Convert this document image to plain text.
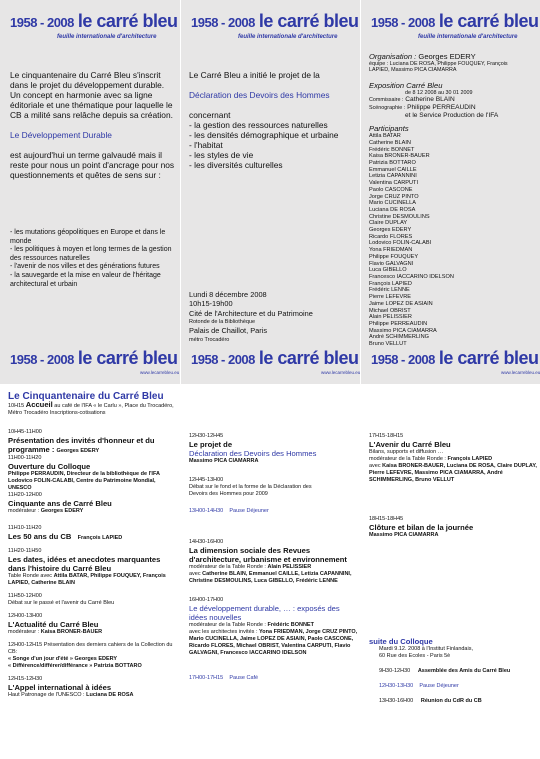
1958 - 2008 le carré bleu
feuille internationale d'architecture

Le cinquantenaire du Carré Bleu s'inscrit dans le projet du développement durable. Un concept en harmonie avec sa ligne éditoriale et une thématique pour laquelle le CB a milité sans relâche depuis sa création.

Le Développement Durable

est aujourd'hui un terme galvaudé mais il reste pour nous un point d'ancrage pour nos questionnements et quêtes de sens sur :

- les mutations géopolitiques en Europe et dans le monde

- les politiques à moyen et long termes de la gestion des ressources naturelles

- l'avenir de nos villes et des générations futures

- la sauvegarde et la mise en valeur de l'héritage architectural et urbain

1958 - 2008 le carré bleu
www.lecarrebleu.eu
1958 - 2008 le carré bleu
feuille internationale d'architecture

Le Carré Bleu a initié le projet de la

Déclaration des Devoirs des Hommes

concernant

- la gestion des ressources naturelles

- les densités démographique et urbaine

- l'habitat

- les styles de vie

- les diversités culturelles

Lundi 8 décembre 2008

10h15-19h00

Cité de l'Architecture et du Patrimoine

Rotonde de la Bibliothèque

Palais de Chaillot, Paris

métro Trocadéro

1958 - 2008 le carré bleu
www.lecarrebleu.eu
1958 - 2008 le carré bleu
feuille internationale d'architecture

Organisation : Georges EDERY

équipe : Luciana DE ROSA, Philippe FOUQUEY, François LAPIED, Massimo PICA CIAMARRA

Exposition Carré Bleu

de 8 12 2008 au 30 01 2009

Commissaire : Catherine BLAIN

Scénographie : Philippe PERREAUDIN

et le Service Production de l'IFA

Participants

Attila BATAR

Catherine BLAIN

Frédéric BONNET

Kaisa BRONER-BAUER

Patrizia BOTTARO

Emmanuel CAILLE

Letizia CAPANNINI

Valentina CARPUTI

Paolo CASCONE

Jorge CRUZ PINTO

Mario CUCINELLA

Luciana DE ROSA

Christine DESMOULINS

Claire DUPLAY

Georges EDERY

Ricardo FLORES

Lodovico FOLIN-CALABI

Yona FRIEDMAN

Philippe FOUQUEY

Flavio GALVAGNI

Luca GIBELLO

Francesco IACCARINO IDELSON

François LAPIED

Frédéric LENNE

Pierre LEFEVRE

Jaime LOPEZ DE ASIAIN

Michael OBRIST

Alain PELISSIER

Philippe PERREAUDIN

Massimo PICA CIAMARRA

André SCHIMMERLING

Bruno VELLUT

1958 - 2008 le carré bleu
www.lecarrebleu.eu
Le Cinquantenaire du Carré Bleu

10H15 Accueil au café de l'IFA « le Carlu », Place du Trocadéro, Métro Trocadéro Inscriptions-cotisations

10H45-11H00

Présentation des invités d'honneur et du programme : Georges EDERY

11H00-11H20

Ouverture du Colloque

Philippe PERRAUDIN, Directeur de la bibliothèque de l'IFA

Lodovico FOLIN-CALABI, Centre du Patrimoine Mondial, UNESCO

11H20-12H00

Cinquante ans de Carré Bleu

modérateur : Georges EDERY

11H10-11H20

Les 50 ans du CB François LAPIED

11H20-11H50

Les dates, idées et anecdotes marquantes dans l'histoire du Carré Bleu

Table Ronde avec Attila BATAR, Philippe FOUQUEY, François LAPIED, Catherine BLAIN

11H50-12H00

Débat sur le passé et l'avenir du Carré Bleu

12H00-13H00

L'Actualité du Carré Bleu

modérateur : Kaisa BRONER-BAUER

12H00-12H15 Présentation des derniers cahiers de la Collection du CB:

« Songe d'un jour d'été » Georges EDERY

« Différence/différer/différance » Patrizia BOTTARO

12H15-12H30

L'Appel international à idées

Haut Patronage de l'UNESCO : Luciana DE ROSA

12H30-12H45

Le projet de

Déclaration des Devoirs des Hommes

Massimo PICA CIAMARRA

12H45-13H00

Débat sur le fond et la forme de la Déclaration des Devoirs des Hommes pour 2009

13H00-14H30 Pause Déjeuner

14H30-16H00

La dimension sociale des Revues d'architecture, urbanisme et environnement

modérateur de la Table Ronde : Alain PELISSIER

avec Catherine BLAIN, Emmanuel CAILLE, Letizia CAPANNINI, Christine DESMOULINS, Luca GIBELLO, Frédéric LENNE

16H00-17H00

Le développement durable, … : exposés des idées nouvelles

modérateur de la Table Ronde : Frédéric BONNET

avec les architectes invités : Yona FRIEDMAN, Jorge CRUZ PINTO, Mario CUCINELLA, Jaime LOPEZ DE ASIAIN, Paolo CASCONE, Ricardo FLORES, Michael OBRIST, Valentina CARPUTI, Flavio GALVAGNI, Francesco IACCARINO IDELSON

17H00-17H15 Pause Café

17H15-18H15

L'Avenir du Carré Bleu

Bilans, supports et diffusion …

modérateur de la Table Ronde : François LAPIED

avec Kaisa BRONER-BAUER, Luciana DE ROSA, Claire DUPLAY, Pierre LEFEVRE, Massimo PICA CIAMARRA, André SCHIMMERLING, Bruno VELLUT

18H15-18H45

Clôture et bilan de la journée

Massimo PICA CIAMARRA

suite du Colloque

Mardi 9.12. 2008 à l'Institut Finlandais,

60 Rue des Ecoles - Paris 5è

9H30-12H30 Assemblée des Amis du Carré Bleu

12H30-13H30 Pause Déjeuner

13H30-16H00 Réunion du CdR du CB
